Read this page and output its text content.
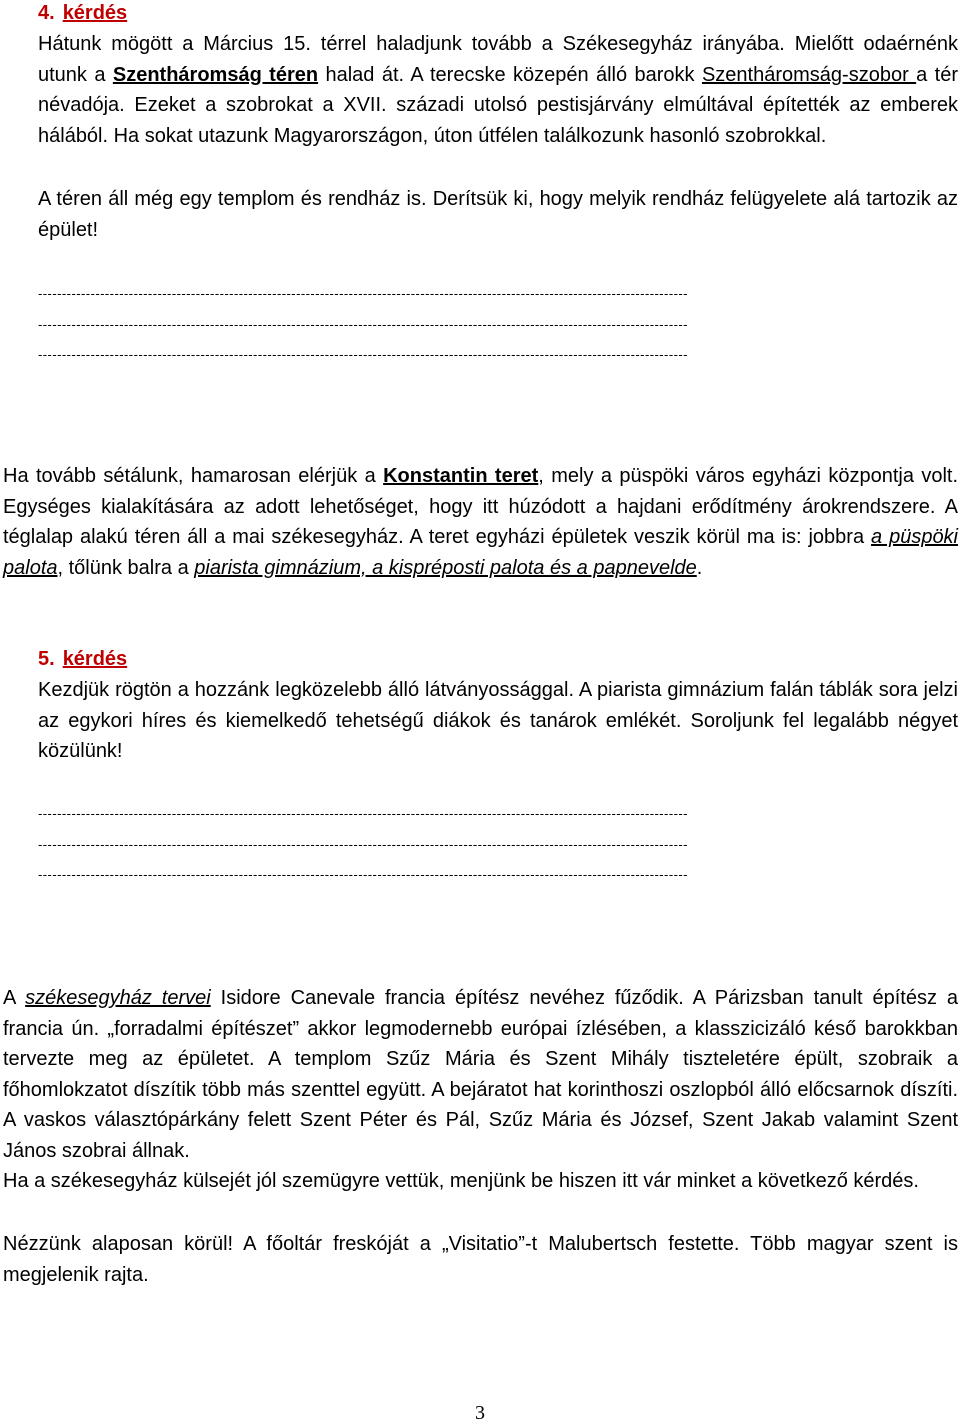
4. kérdés
Hátunk mögött a Március 15. térrel haladjunk tovább a Székesegyház irányába. Mielőtt odaérnénk utunk a Szentháromság téren halad át. A terecske közepén álló barokk Szentháromság-szobor a tér névadója. Ezeket a szobrokat a XVII. századi utolsó pestisjárvány elmúltával építették az emberek hálából. Ha sokat utazunk Magyarországon, úton útfélen találkozunk hasonló szobrokkal.
A téren áll még egy templom és rendház is. Derítsük ki, hogy melyik rendház felügyelete alá tartozik az épület!
----------------------------------------------------------------------------------------------------------------------------------------
----------------------------------------------------------------------------------------------------------------------------------------
----------------------------------------------------------------------------------------------------------------------------------------
Ha tovább sétálunk, hamarosan elérjük a Konstantin teret, mely a püspöki város egyházi központja volt. Egységes kialakítására az adott lehetőséget, hogy itt húzódott a hajdani erődítmény árokrendszere. A téglalap alakú téren áll a mai székesegyház. A teret egyházi épületek veszik körül ma is: jobbra a püspöki palota, tőlünk balra a piarista gimnázium, a kispréposti palota és a papnevelde.
5. kérdés
Kezdjük rögtön a hozzánk legközelebb álló látványossággal. A piarista gimnázium falán táblák sora jelzi az egykori híres és kiemelkedő tehetségű diákok és tanárok emlékét. Soroljunk fel legalább négyet közülünk!
----------------------------------------------------------------------------------------------------------------------------------------
----------------------------------------------------------------------------------------------------------------------------------------
----------------------------------------------------------------------------------------------------------------------------------------
A székesegyház tervei Isidore Canevale francia építész nevéhez fűződik. A Párizsban tanult építész a francia ún. „forradalmi építészet” akkor legmodernebb európai ízlésében, a klasszicizáló késő barokkban tervezte meg az épületet. A templom Szűz Mária és Szent Mihály tiszteletére épült, szobraik a főhomlokzatot díszítik több más szenttel együtt. A bejáratot hat korinthoszi oszlopból álló előcsarnok díszíti. A vaskos választópárkány felett Szent Péter és Pál, Szűz Mária és József, Szent Jakab valamint Szent János szobrai állnak.
Ha a székesegyház külsejét jól szemügyre vettük, menjünk be hiszen itt vár minket a következő kérdés.
Nézzünk alaposan körül! A főoltár freskóját a „Visitatio”-t Malubertsch festette. Több magyar szent is megjelenik rajta.
3
